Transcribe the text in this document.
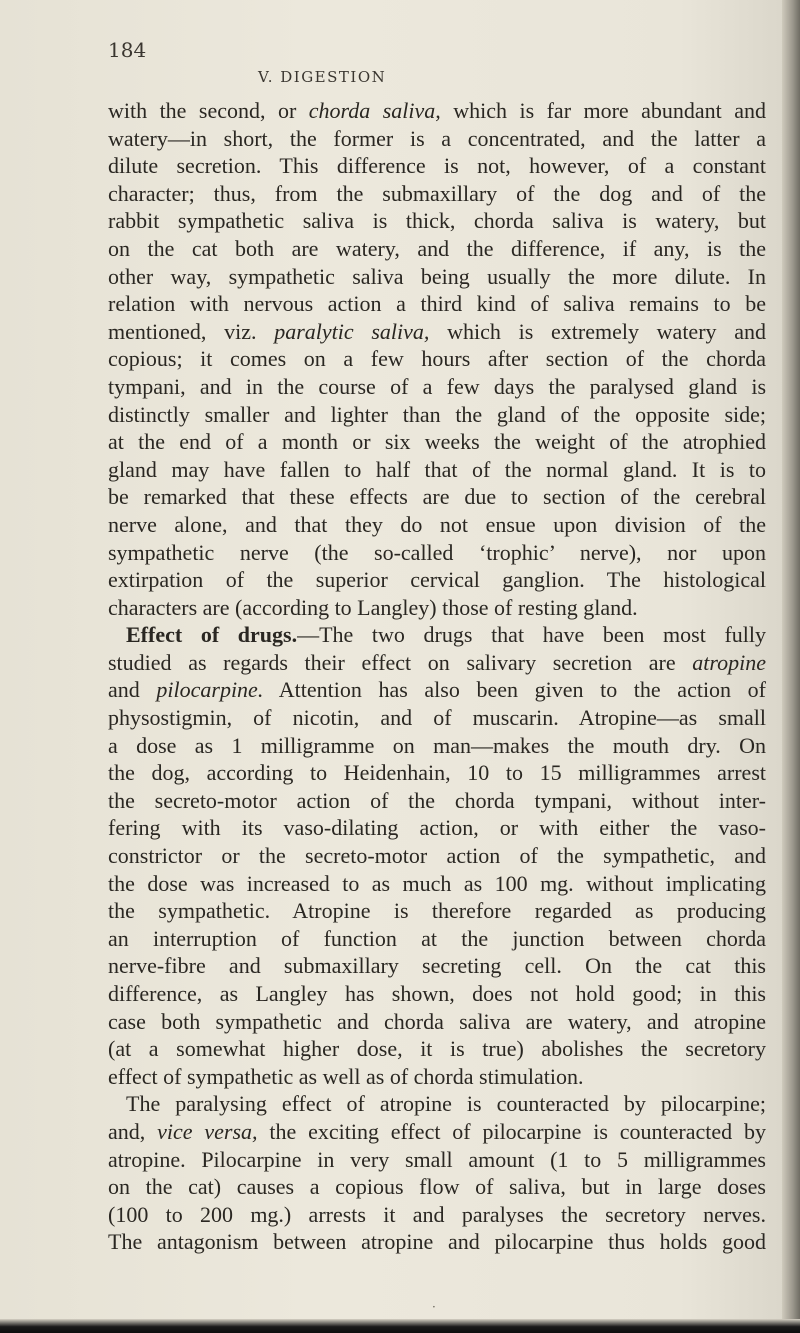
184
V. DIGESTION
with the second, or chorda saliva, which is far more abundant and
watery—in short, the former is a concentrated, and the latter a
dilute secretion. This difference is not, however, of a constant
character; thus, from the submaxillary of the dog and of the
rabbit sympathetic saliva is thick, chorda saliva is watery, but
on the cat both are watery, and the difference, if any, is the
other way, sympathetic saliva being usually the more dilute. In
relation with nervous action a third kind of saliva remains to be
mentioned, viz. paralytic saliva, which is extremely watery and
copious; it comes on a few hours after section of the chorda
tympani, and in the course of a few days the paralysed gland is
distinctly smaller and lighter than the gland of the opposite side;
at the end of a month or six weeks the weight of the atrophied
gland may have fallen to half that of the normal gland. It is to
be remarked that these effects are due to section of the cerebral
nerve alone, and that they do not ensue upon division of the
sympathetic nerve (the so-called ‘trophic’ nerve), nor upon
extirpation of the superior cervical ganglion. The histological
characters are (according to Langley) those of resting gland.
Effect of drugs.—The two drugs that have been most fully
studied as regards their effect on salivary secretion are atropine
and pilocarpine. Attention has also been given to the action of
physostigmin, of nicotin, and of muscarin. Atropine—as small
a dose as 1 milligramme on man—makes the mouth dry. On
the dog, according to Heidenhain, 10 to 15 milligrammes arrest
the secreto-motor action of the chorda tympani, without inter-
fering with its vaso-dilating action, or with either the vaso-
constrictor or the secreto-motor action of the sympathetic, and
the dose was increased to as much as 100 mg. without implicating
the sympathetic. Atropine is therefore regarded as producing
an interruption of function at the junction between chorda
nerve-fibre and submaxillary secreting cell. On the cat this
difference, as Langley has shown, does not hold good; in this
case both sympathetic and chorda saliva are watery, and atropine
(at a somewhat higher dose, it is true) abolishes the secretory
effect of sympathetic as well as of chorda stimulation.
The paralysing effect of atropine is counteracted by pilocarpine;
and, vice versa, the exciting effect of pilocarpine is counteracted by
atropine. Pilocarpine in very small amount (1 to 5 milligrammes
on the cat) causes a copious flow of saliva, but in large doses
(100 to 200 mg.) arrests it and paralyses the secretory nerves.
The antagonism between atropine and pilocarpine thus holds good
·
